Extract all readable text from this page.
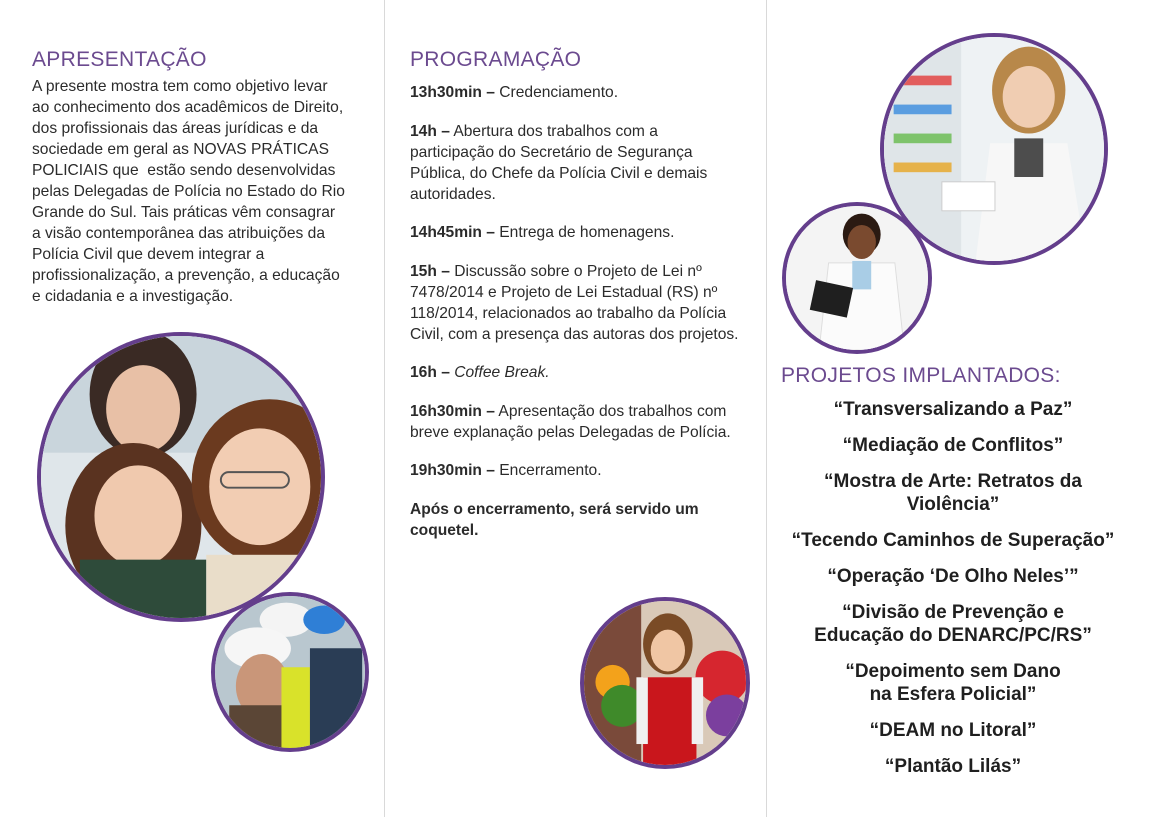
APRESENTAÇÃO
A presente mostra tem como objetivo levar
ao conhecimento dos acadêmicos de Direito,
dos profissionais das áreas jurídicas e da
sociedade em geral as NOVAS PRÁTICAS
POLICIAIS que  estão sendo desenvolvidas
pelas Delegadas de Polícia no Estado do Rio
Grande do Sul. Tais práticas vêm consagrar
a visão contemporânea das atribuições da
Polícia Civil que devem integrar a
profissionalização, a prevenção, a educação
e cidadania e a investigação.
PROGRAMAÇÃO

13h30min – Credenciamento.

14h – Abertura dos trabalhos com a participação do Secretário de Segurança Pública, do Chefe da Polícia Civil e demais autoridades.

14h45min – Entrega de homenagens.

15h – Discussão sobre o Projeto de Lei nº 7478/2014 e Projeto de Lei Estadual (RS) nº 118/2014, relacionados ao trabalho da Polícia Civil, com a presença das autoras dos projetos.

16h – Coffee Break.

16h30min – Apresentação dos trabalhos com breve explanação pelas Delegadas de Polícia.

19h30min – Encerramento.

Após o encerramento, será servido um coquetel.

PROJETOS IMPLANTADOS:
“Transversalizando a Paz”
“Mediação de Conflitos”
“Mostra de Arte: Retratos da
Violência”
“Tecendo Caminhos de Superação”
“Operação ‘De Olho Neles’”
“Divisão de Prevenção e
Educação do DENARC/PC/RS”
“Depoimento sem Dano
na Esfera Policial”
“DEAM no Litoral”
“Plantão Lilás”
